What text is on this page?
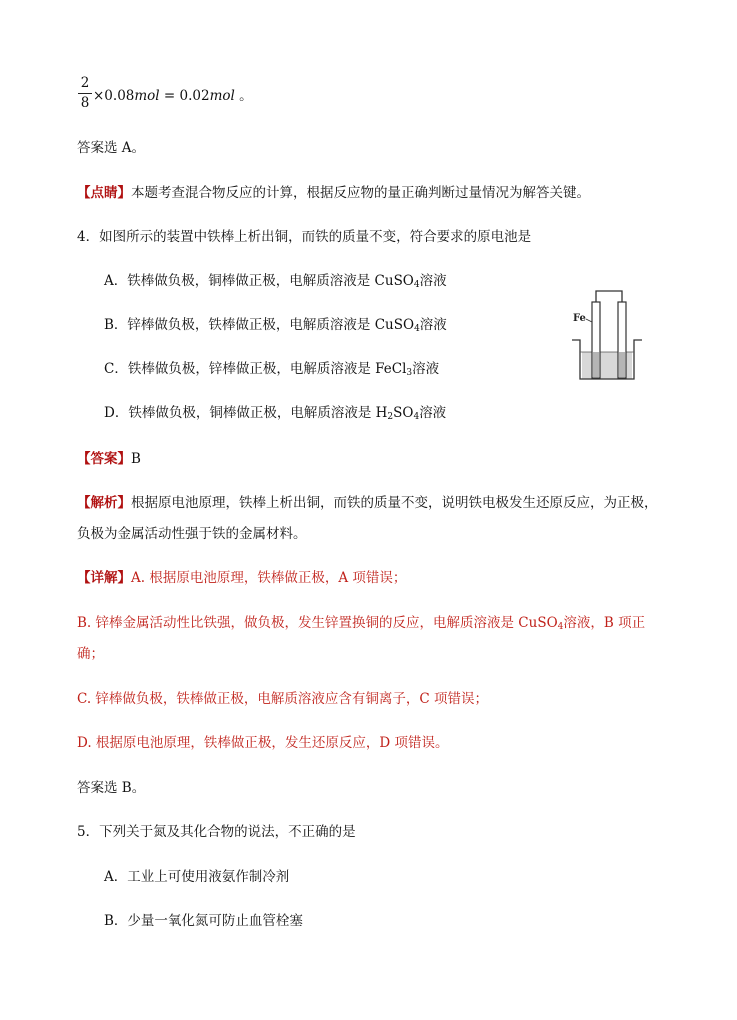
2
8 ×0.08mol = 0.02mol 。
答案选 A。
【点睛】本题考查混合物反应的计算，根据反应物的量正确判断过量情况为解答关键。
4．如图所示的装置中铁棒上析出铜，而铁的质量不变，符合要求的原电池是
A．铁棒做负极，铜棒做正极，电解质溶液是 CuSO$_4$溶液
B．锌棒做负极，铁棒做正极，电解质溶液是 CuSO$_4$溶液
C．铁棒做负极，锌棒做正极，电解质溶液是 FeCl$_3$溶液
D．铁棒做负极，铜棒做正极，电解质溶液是 $H_2SO_4$溶液
Fe
【答案】B
【解析】根据原电池原理，铁棒上析出铜，而铁的质量不变，说明铁电极发生还原反应，为正极，
负极为金属活动性强于铁的金属材料。
【详解】A. 根据原电池原理，铁棒做正极，A 项错误；
B. 锌棒金属活动性比铁强，做负极，发生锌置换铜的反应，电解质溶液是 CuSO$_4$溶液，B 项正
确；
C. 锌棒做负极，铁棒做正极，电解质溶液应含有铜离子，C 项错误；
D. 根据原电池原理，铁棒做正极，发生还原反应，D 项错误。
答案选 B。
5．下列关于氮及其化合物的说法，不正确的是
A．工业上可使用液氨作制冷剂
B．少量一氧化氮可防止血管栓塞
